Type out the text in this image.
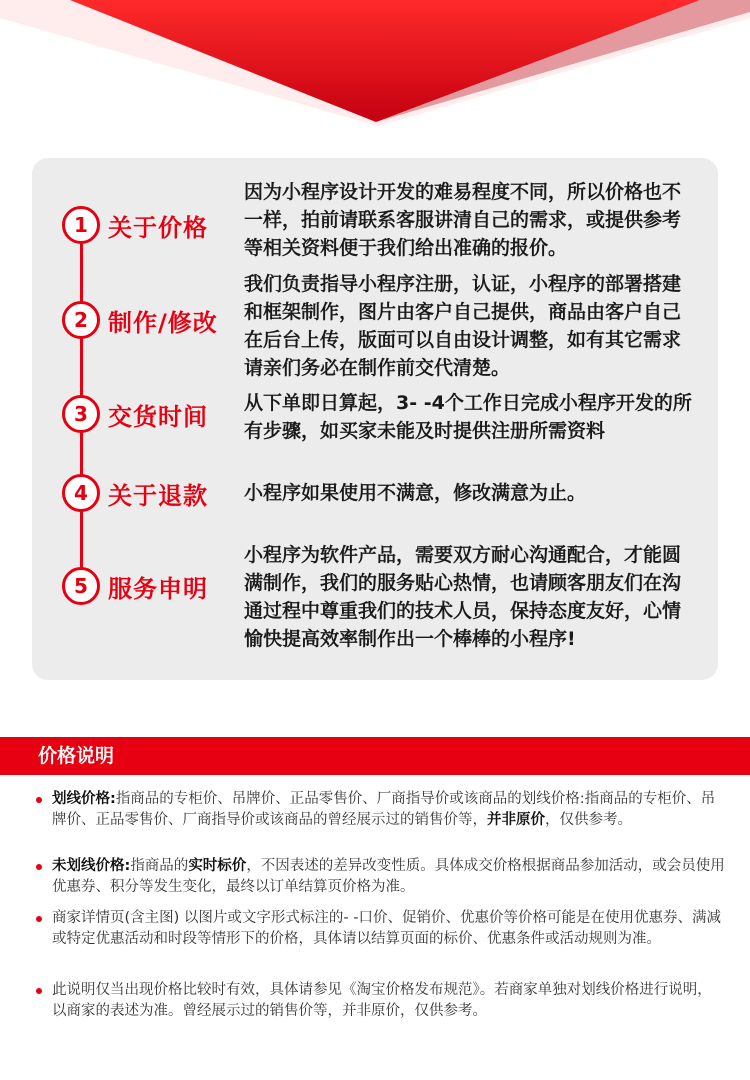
1 关于价格
因为小程序设计开发的难易程度不同，所以价格也不一样，拍前请联系客服讲清自己的需求，或提供参考等相关资料便于我们给出准确的报价。
2 制作/修改
我们负责指导小程序注册，认证，小程序的部署搭建和框架制作，图片由客户自己提供，商品由客户自己在后台上传，版面可以自由设计调整，如有其它需求请亲们务必在制作前交代清楚。
3 交货时间 从下单即日算起，3- -4个工作日完成小程序开发的所有步骤，如买家未能及时提供注册所需资料
4 关于退款 小程序如果使用不满意，修改满意为止。
5 服务申明
小程序为软件产品，需要双方耐心沟通配合，才能圆满制作，我们的服务贴心热情，也请顾客朋友们在沟通过程中尊重我们的技术人员，保持态度友好，心情愉快提高效率制作出一个棒棒的小程序!
价格说明
划线价格:指商品的专柜价、吊牌价、正品零售价、厂商指导价或该商品的划线价格:指商品的专柜价、吊牌价、正品零售价、厂商指导价或该商品的曾经展示过的销售价等，并非原价，仅供参考。
未划线价格:指商品的实时标价，不因表述的差异改变性质。具体成交价格根据商品参加活动，或会员使用优惠券、积分等发生变化，最终以订单结算页价格为准。
商家详情页(含主图) 以图片或文字形式标注的- -口价、促销价、优惠价等价格可能是在使用优惠券、满减或特定优惠活动和时段等情形下的价格，具体请以结算页面的标价、优惠条件或活动规则为准。
此说明仅当出现价格比较时有效，具体请参见《淘宝价格发布规范》。若商家单独对划线价格进行说明，以商家的表述为准。曾经展示过的销售价等，并非原价，仅供参考。
